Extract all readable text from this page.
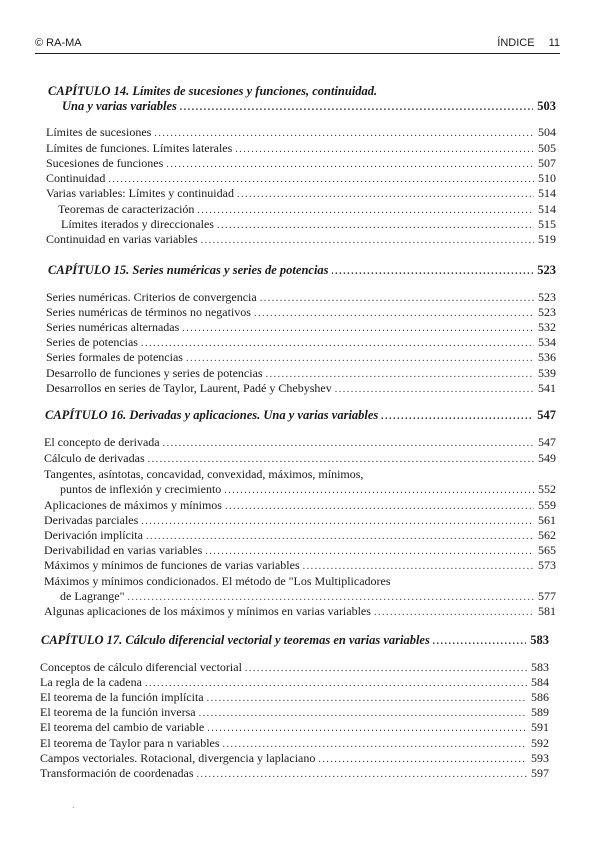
© RA-MA	ÍNDICE 11
CAPÍTULO 14. Límites de sucesiones y funciones, continuidad.
Una y varias variables .....	503
Límites de sucesiones .....	504
Límites de funciones. Límites laterales .....	505
Sucesiones de funciones .....	507
Continuidad .....	510
Varias variables: Límites y continuidad .....	514
Teoremas de caracterización .....	514
Límites iterados y direccionales .....	515
Continuidad en varias variables .....	519
CAPÍTULO 15. Series numéricas y series de potencias .....	523
Series numéricas. Criterios de convergencia .....	523
Series numéricas de términos no negativos .....	523
Series numéricas alternadas .....	532
Series de potencias .....	534
Series formales de potencias .....	536
Desarrollo de funciones y series de potencias .....	539
Desarrollos en series de Taylor, Laurent, Padé y Chebyshev .....	541
CAPÍTULO 16. Derivadas y aplicaciones. Una y varias variables .....	547
El concepto de derivada .....	547
Cálculo de derivadas .....	549
Tangentes, asíntotas, concavidad, convexidad, máximos, mínimos,
puntos de inflexión y crecimiento .....	552
Aplicaciones de máximos y mínimos .....	559
Derivadas parciales .....	561
Derivación implícita .....	562
Derivabilidad en varias variables .....	565
Máximos y mínimos de funciones de varias variables .....	573
Máximos y mínimos condicionados. El método de "Los Multiplicadores
de Lagrange" .....	577
Algunas aplicaciones de los máximos y mínimos en varias variables .....	581
CAPÍTULO 17. Cálculo diferencial vectorial y teoremas en varias variables .....	583
Conceptos de cálculo diferencial vectorial .....	583
La regla de la cadena .....	584
El teorema de la función implícita .....	586
El teorema de la función inversa .....	589
El teorema del cambio de variable .....	591
El teorema de Taylor para n variables .....	592
Campos vectoriales. Rotacional, divergencia y laplaciano .....	593
Transformación de coordenadas .....	597
.
